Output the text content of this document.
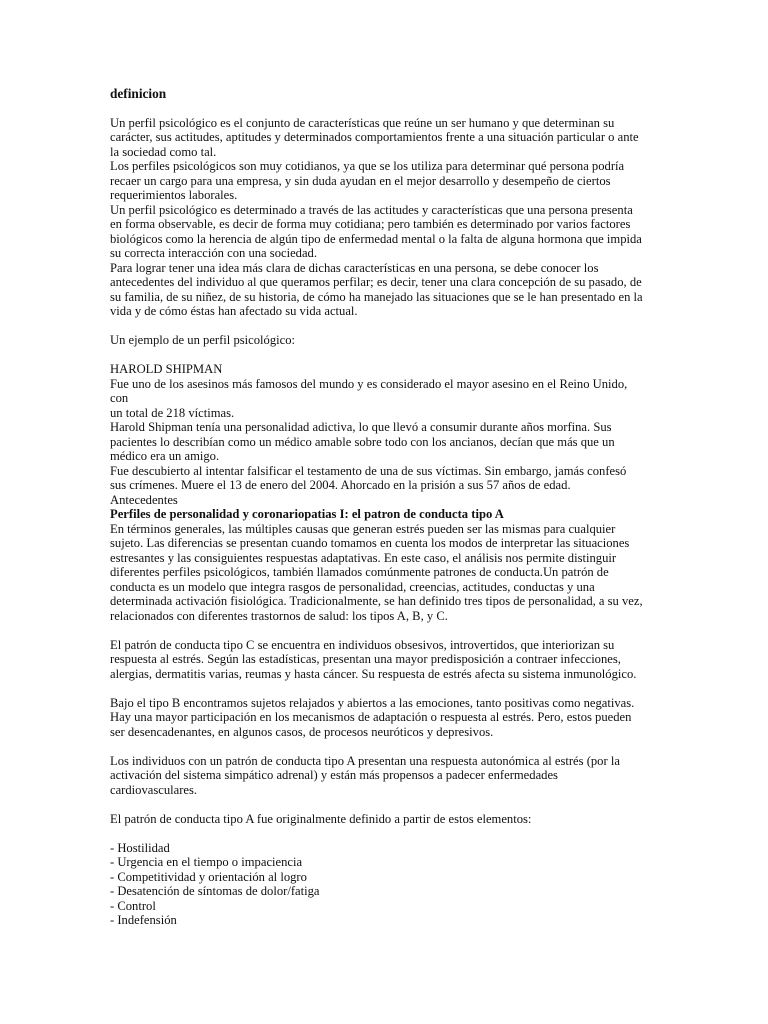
definicion
Un perfil psicológico es el conjunto de características que reúne un ser humano y que determinan su
carácter, sus actitudes, aptitudes y determinados comportamientos frente a una situación particular o ante
la sociedad como tal.
Los perfiles psicológicos son muy cotidianos, ya que se los utiliza para determinar qué persona podría
recaer un cargo para una empresa, y sin duda ayudan en el mejor desarrollo y desempeño de ciertos
requerimientos laborales.
Un perfil psicológico es determinado a través de las actitudes y características que una persona presenta
en forma observable, es decir de forma muy cotidiana; pero también es determinado por varios factores
biológicos como la herencia de algún tipo de enfermedad mental o la falta de alguna hormona que impida
su correcta interacción con una sociedad.
Para lograr tener una idea más clara de dichas características en una persona, se debe conocer los
antecedentes del individuo al que queramos perfilar; es decir, tener una clara concepción de su pasado, de
su familia, de su niñez, de su historia, de cómo ha manejado las situaciones que se le han presentado en la
vida y de cómo éstas han afectado su vida actual.
Un ejemplo de un perfil psicológico:
HAROLD SHIPMAN
Fue uno de los asesinos más famosos del mundo y es considerado el mayor asesino en el Reino Unido,
con
un total de 218 víctimas.
Harold Shipman tenía una personalidad adictiva, lo que llevó a consumir durante años morfina. Sus
pacientes lo describían como un médico amable sobre todo con los ancianos, decían que más que un
médico era un amigo.
Fue descubierto al intentar falsificar el testamento de una de sus víctimas. Sin embargo, jamás confesó
sus crímenes. Muere el 13 de enero del 2004. Ahorcado en la prisión a sus 57 años de edad.
Antecedentes
Perfiles de personalidad y coronariopatias I: el patron de conducta tipo A
En términos generales, las múltiples causas que generan estrés pueden ser las mismas para cualquier
sujeto. Las diferencias se presentan cuando tomamos en cuenta los modos de interpretar las situaciones
estresantes y las consiguientes respuestas adaptativas. En este caso, el análisis nos permite distinguir
diferentes perfiles psicológicos, también llamados comúnmente patrones de conducta.Un patrón de
conducta es un modelo que integra rasgos de personalidad, creencias, actitudes, conductas y una
determinada activación fisiológica. Tradicionalmente, se han definido tres tipos de personalidad, a su vez,
relacionados con diferentes trastornos de salud: los tipos A, B, y C.
El patrón de conducta tipo C se encuentra en individuos obsesivos, introvertidos, que interiorizan su
respuesta al estrés. Según las estadísticas, presentan una mayor predisposición a contraer infecciones,
alergias, dermatitis varias, reumas y hasta cáncer. Su respuesta de estrés afecta su sistema inmunológico.
Bajo el tipo B encontramos sujetos relajados y abiertos a las emociones, tanto positivas como negativas.
Hay una mayor participación en los mecanismos de adaptación o respuesta al estrés. Pero, estos pueden
ser desencadenantes, en algunos casos, de procesos neuróticos y depresivos.
Los individuos con un patrón de conducta tipo A presentan una respuesta autonómica al estrés (por la
activación del sistema simpático adrenal) y están más propensos a padecer enfermedades
cardiovasculares.
El patrón de conducta tipo A fue originalmente definido a partir de estos elementos:
- Hostilidad
- Urgencia en el tiempo o impaciencia
- Competitividad y orientación al logro
- Desatención de síntomas de dolor/fatiga
- Control
- Indefensión
